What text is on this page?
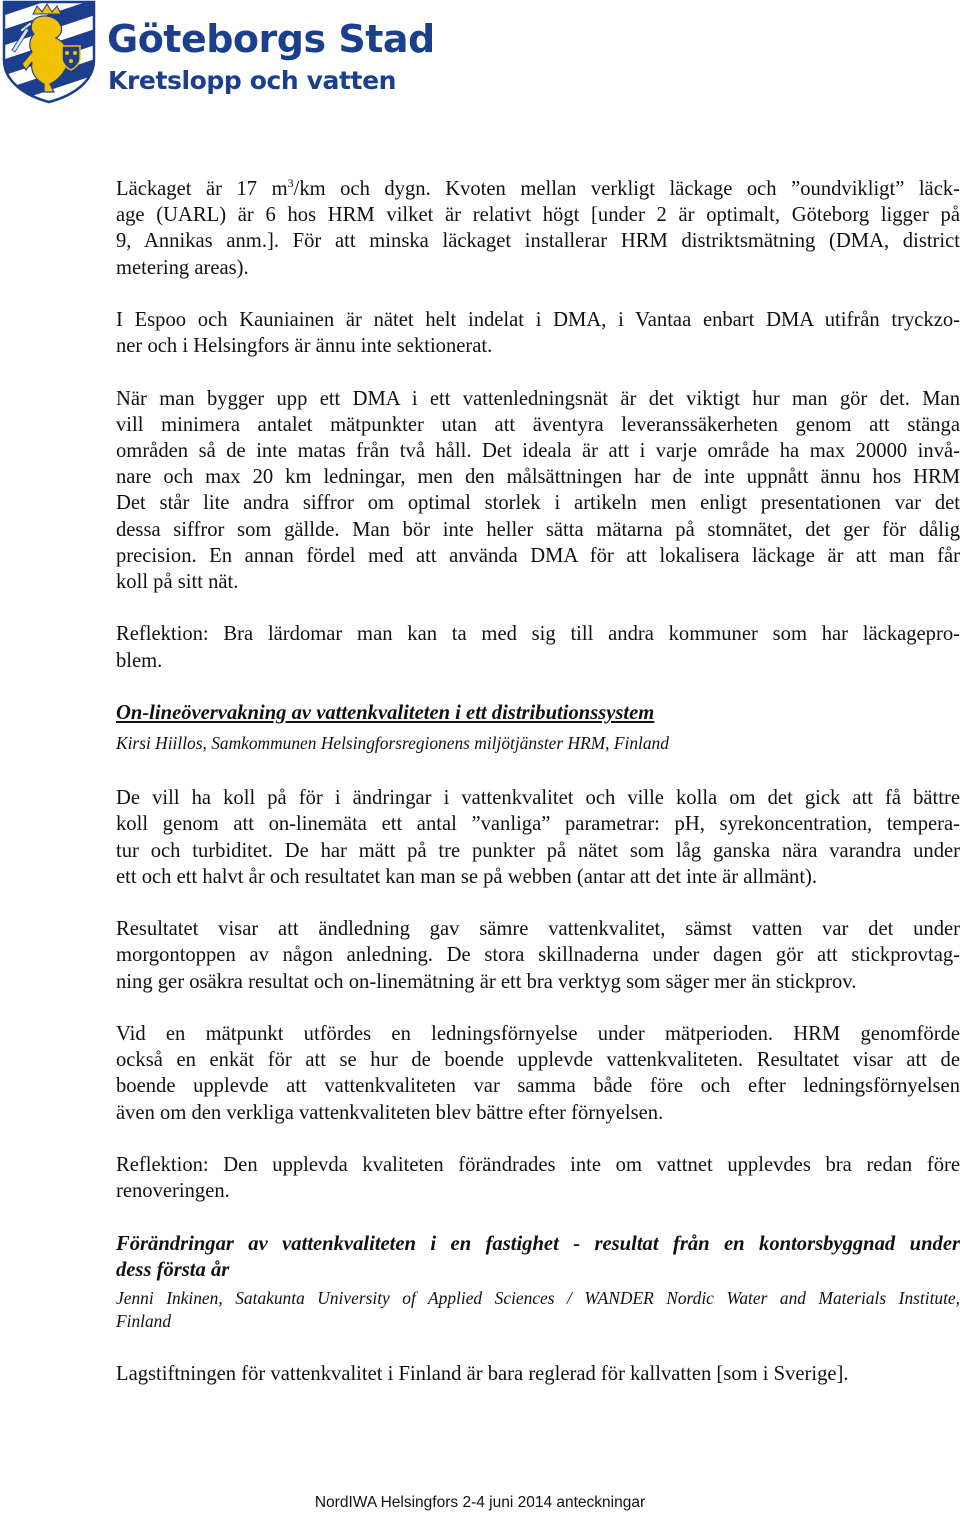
Göteborgs Stad
Kretslopp och vatten

Läckaget är 17 $m^3/km$ och dygn. Kvoten mellan verkligt läckage och ”oundvikligt” läck-
age (UARL) är 6 hos HRM vilket är relativt högt [under 2 är optimalt, Göteborg ligger på
9, Annikas anm.]. För att minska läckaget installerar HRM distriktsmätning (DMA, district
metering areas).

I Espoo och Kauniainen är nätet helt indelat i DMA, i Vantaa enbart DMA utifrån tryckzo-
ner och i Helsingfors är ännu inte sektionerat.

När man bygger upp ett DMA i ett vattenledningsnät är det viktigt hur man gör det. Man
vill minimera antalet mätpunkter utan att äventyra leveranssäkerheten genom att stänga
områden så de inte matas från två håll. Det ideala är att i varje område ha max 20000 invå-
nare och max 20 km ledningar, men den målsättningen har de inte uppnått ännu hos HRM
Det står lite andra siffror om optimal storlek i artikeln men enligt presentationen var det
dessa siffror som gällde. Man bör inte heller sätta mätarna på stomnätet, det ger för dålig
precision. En annan fördel med att använda DMA för att lokalisera läckage är att man får
koll på sitt nät.

Reflektion: Bra lärdomar man kan ta med sig till andra kommuner som har läckagepro-
blem.

On-lineövervakning av vattenkvaliteten i ett distributionssystem

Kirsi Hiillos, Samkommunen Helsingforsregionens miljötjänster HRM, Finland

De vill ha koll på för i ändringar i vattenkvalitet och ville kolla om det gick att få bättre
koll genom att on-linemäta ett antal ”vanliga” parametrar: pH, syrekoncentration, tempera-
tur och turbiditet. De har mätt på tre punkter på nätet som låg ganska nära varandra under
ett och ett halvt år och resultatet kan man se på webben (antar att det inte är allmänt).

Resultatet visar att ändledning gav sämre vattenkvalitet, sämst vatten var det under
morgontoppen av någon anledning. De stora skillnaderna under dagen gör att stickprovtag-
ning ger osäkra resultat och on-linemätning är ett bra verktyg som säger mer än stickprov.

Vid en mätpunkt utfördes en ledningsförnyelse under mätperioden. HRM genomförde
också en enkät för att se hur de boende upplevde vattenkvaliteten. Resultatet visar att de
boende upplevde att vattenkvaliteten var samma både före och efter ledningsförnyelsen
även om den verkliga vattenkvaliteten blev bättre efter förnyelsen.

Reflektion: Den upplevda kvaliteten förändrades inte om vattnet upplevdes bra redan före
renoveringen.

Förändringar av vattenkvaliteten i en fastighet - resultat från en kontorsbyggnad under
dess första år

Jenni Inkinen, Satakunta University of Applied Sciences / WANDER Nordic Water and Materials Institute,
Finland

Lagstiftningen för vattenkvalitet i Finland är bara reglerad för kallvatten [som i Sverige].

NordIWA Helsingfors 2-4 juni 2014 anteckningar
